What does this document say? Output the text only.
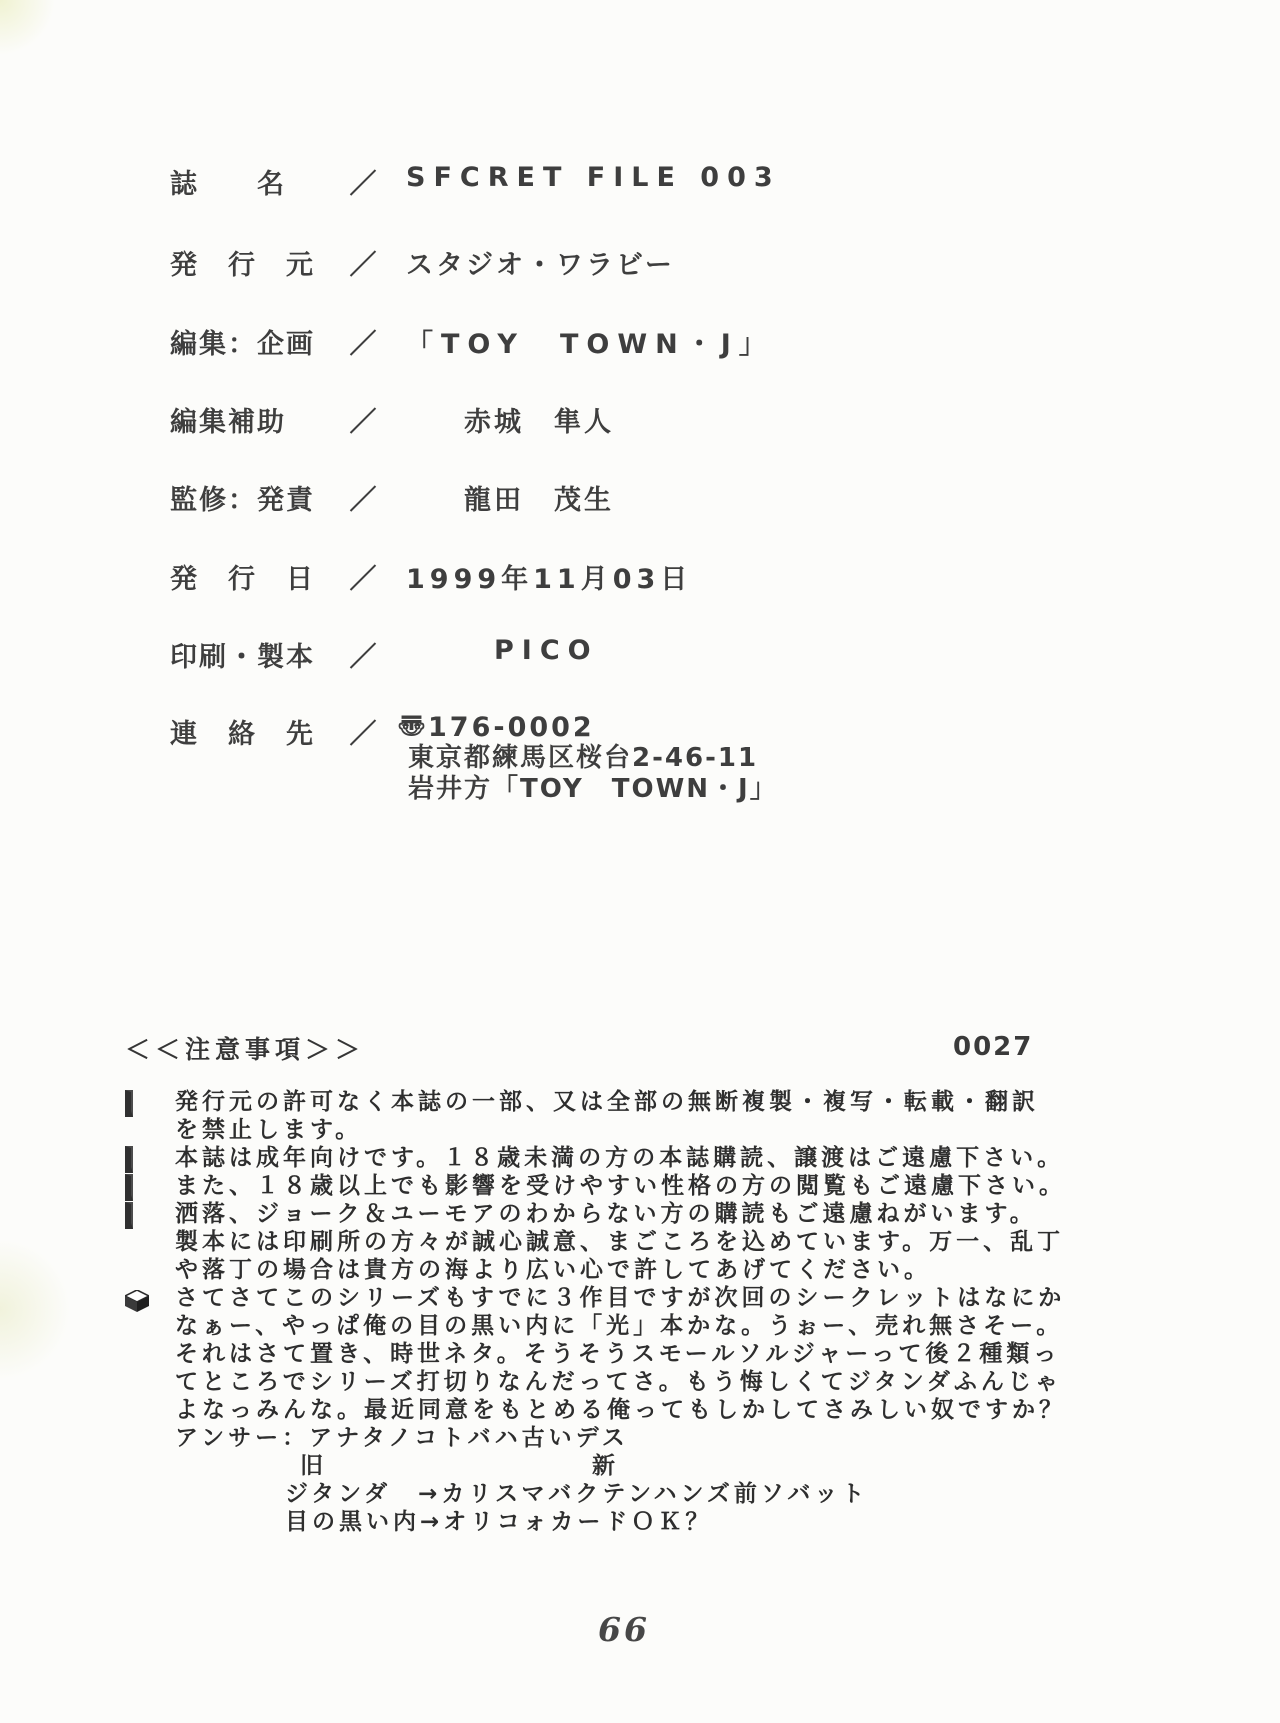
誌　　名	／	SFCRET FILE 003
発　行　元	／	スタジオ・ワラビー
編集：企画	／	「TOY　TOWN・J」
編集補助	／	赤城　隼人
監修：発責	／	龍田　茂生
発　行　日	／	1999年11月03日
印刷・製本	／	PICO
連　絡　先	／ 〠176-0002
東京都練馬区桜台2-46-11
岩井方「TOY　TOWN・J」
＜＜注意事項＞＞	0027
発行元の許可なく本誌の一部、又は全部の無断複製・複写・転載・翻訳
を禁止します。
本誌は成年向けです。１８歳未満の方の本誌購読、譲渡はご遠慮下さい。
また、１８歳以上でも影響を受けやすい性格の方の閲覧もご遠慮下さい。
洒落、ジョーク＆ユーモアのわからない方の購読もご遠慮ねがいます。
製本には印刷所の方々が誠心誠意、まごころを込めています。万一、乱丁
や落丁の場合は貴方の海より広い心で許してあげてください。
さてさてこのシリーズもすでに３作目ですが次回のシークレットはなにか
なぁー、やっぱ俺の目の黒い内に「光」本かな。うぉー、売れ無さそー。
それはさて置き、時世ネタ。そうそうスモールソルジャーって後２種類っ
てところでシリーズ打切りなんだってさ。もう悔しくてジタンダふんじゃ
よなっみんな。最近同意をもとめる俺ってもしかしてさみしい奴ですか？
アンサー：アナタノコトバハ古いデス
旧	新
ジタンダ　→カリスマバクテンハンズ前ソバット
目の黒い内→オリコォカードＯＫ？
66
